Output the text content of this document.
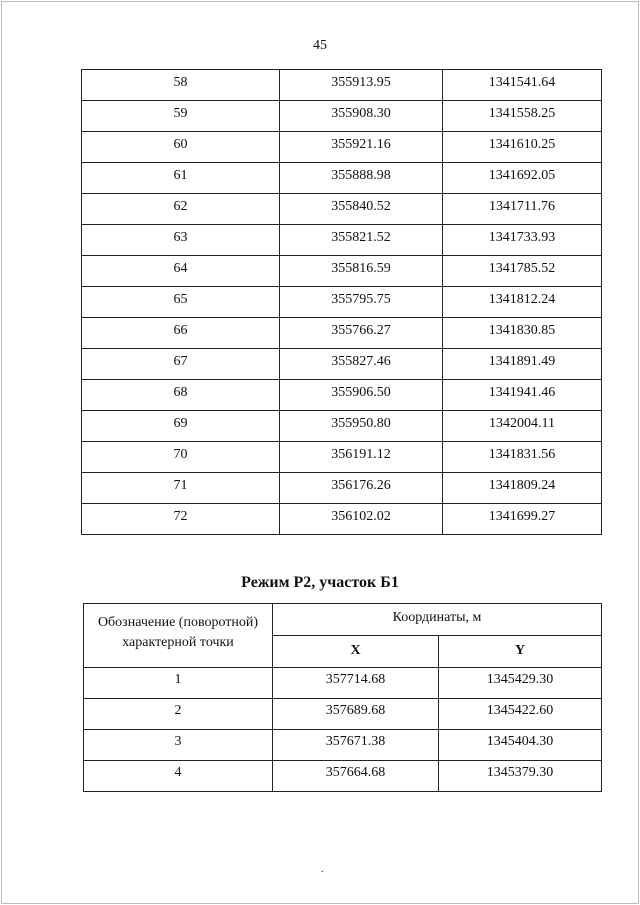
45
58	355913.95	1341541.64
59	355908.30	1341558.25
60	355921.16	1341610.25
61	355888.98	1341692.05
62	355840.52	1341711.76
63	355821.52	1341733.93
64	355816.59	1341785.52
65	355795.75	1341812.24
66	355766.27	1341830.85
67	355827.46	1341891.49
68	355906.50	1341941.46
69	355950.80	1342004.11
70	356191.12	1341831.56
71	356176.26	1341809.24
72	356102.02	1341699.27
Режим Р2, участок Б1
Обозначение (поворотной)
характерной точки	Координаты, м	
	X	Y
1	357714.68	1345429.30
2	357689.68	1345422.60
3	357671.38	1345404.30
4	357664.68	1345379.30
.
